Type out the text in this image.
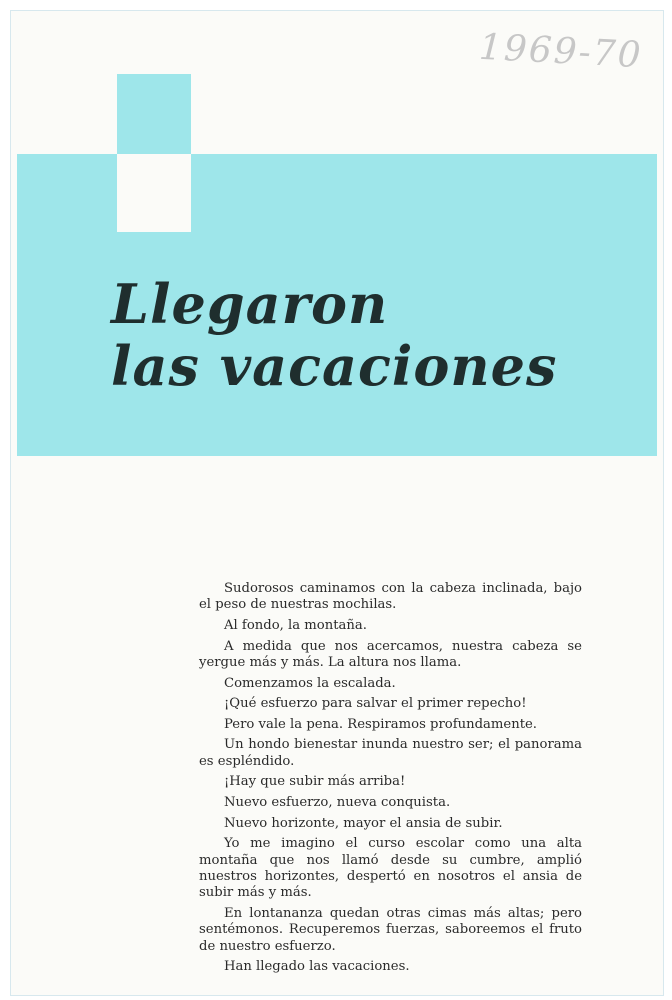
1969-70
Llegaron
las vacaciones

Sudorosos caminamos con la cabeza inclinada, bajo el peso de nuestras mochilas.

Al fondo, la montaña.

A medida que nos acercamos, nuestra cabeza se yergue más y más. La altura nos llama.

Comenzamos la escalada.

¡Qué esfuerzo para salvar el primer repecho!

Pero vale la pena. Respiramos profundamente.

Un hondo bienestar inunda nuestro ser; el panorama es espléndido.

¡Hay que subir más arriba!

Nuevo esfuerzo, nueva conquista.

Nuevo horizonte, mayor el ansia de subir.

Yo me imagino el curso escolar como una alta montaña que nos llamó desde su cumbre, amplió nuestros horizontes, despertó en nosotros el ansia de subir más y más.

En lontananza quedan otras cimas más altas; pero sentémonos. Recuperemos fuerzas, saboreemos el fruto de nuestro esfuerzo.

Han llegado las vacaciones.
